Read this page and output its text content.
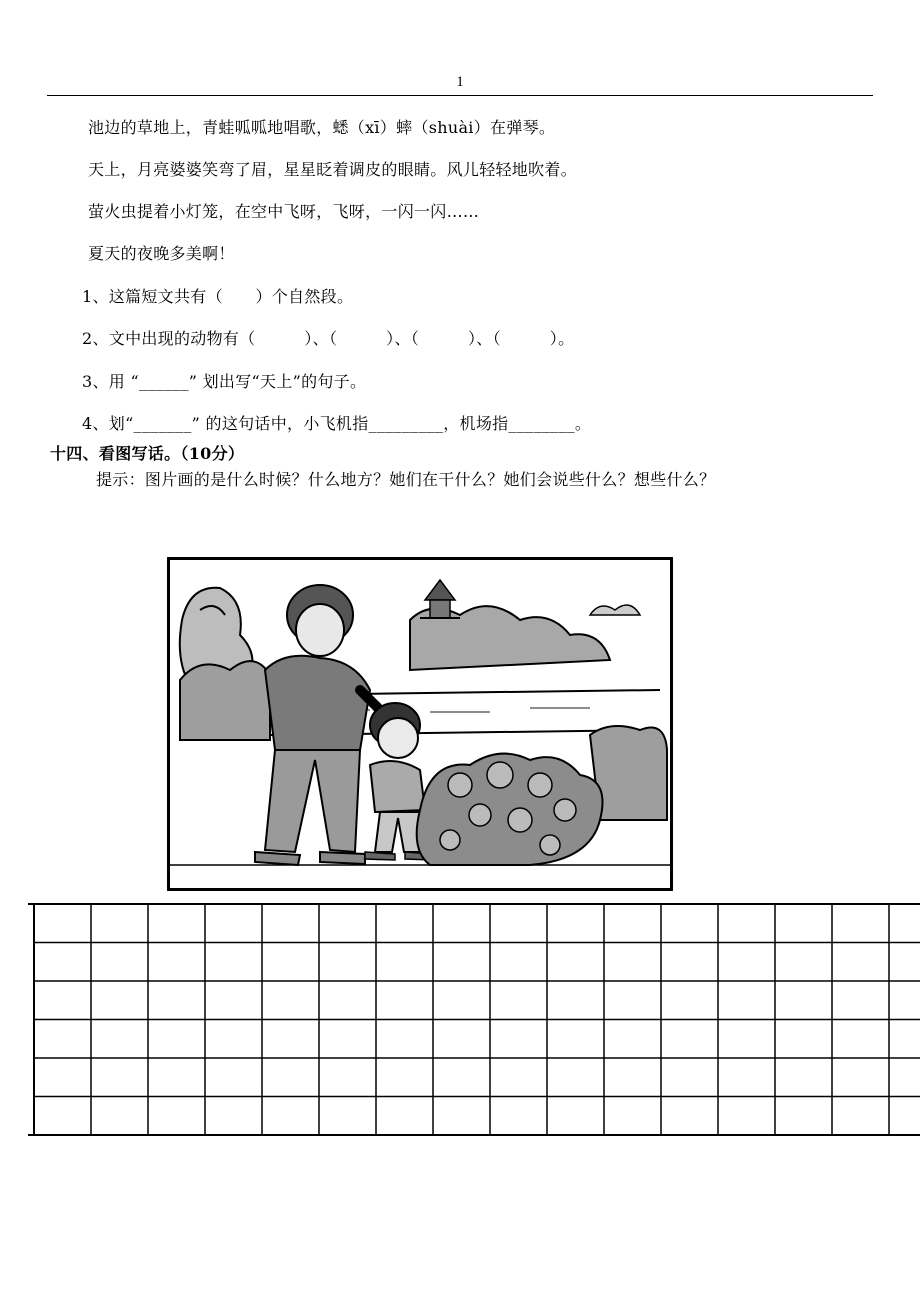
1
池边的草地上，青蛙呱呱地唱歌，蟋（xī）蟀（shuài）在弹琴。
天上，月亮婆婆笑弯了眉，星星眨着调皮的眼睛。风儿轻轻地吹着。
萤火虫提着小灯笼，在空中飞呀，飞呀，一闪一闪……
夏天的夜晚多美啊！
1、这篇短文共有（　　）个自然段。
2、文中出现的动物有（　　　）、（　　　）、（　　　）、（　　　）。
3、用 “______” 划出写“天上”的句子。
4、划“_______” 的这句话中，小飞机指_________，机场指________。
十四、看图写话。（10分）
提示：图片画的是什么时候？什么地方？她们在干什么？她们会说些什么？想些什么？
